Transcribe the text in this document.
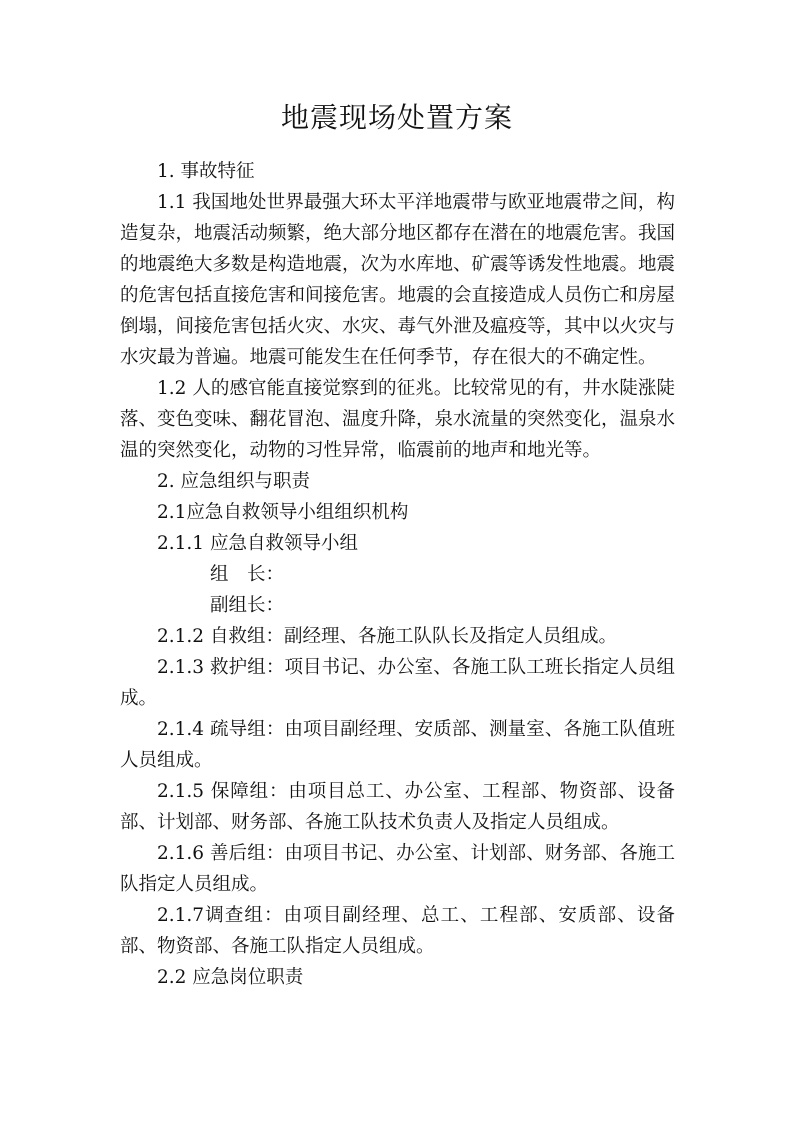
地震现场处置方案

1. 事故特征

1.1 我国地处世界最强大环太平洋地震带与欧亚地震带之间，构造复杂，地震活动频繁，绝大部分地区都存在潜在的地震危害。我国的地震绝大多数是构造地震，次为水库地、矿震等诱发性地震。地震的危害包括直接危害和间接危害。地震的会直接造成人员伤亡和房屋倒塌，间接危害包括火灾、水灾、毒气外泄及瘟疫等，其中以火灾与水灾最为普遍。地震可能发生在任何季节，存在很大的不确定性。

1.2 人的感官能直接觉察到的征兆。比较常见的有，井水陡涨陡落、变色变味、翻花冒泡、温度升降，泉水流量的突然变化，温泉水温的突然变化，动物的习性异常，临震前的地声和地光等。

2. 应急组织与职责

2.1应急自救领导小组组织机构

2.1.1 应急自救领导小组

组　长：

副组长：

2.1.2 自救组：副经理、各施工队队长及指定人员组成。

2.1.3 救护组：项目书记、办公室、各施工队工班长指定人员组成。

2.1.4 疏导组：由项目副经理、安质部、测量室、各施工队值班人员组成。

2.1.5 保障组：由项目总工、办公室、工程部、物资部、设备部、计划部、财务部、各施工队技术负责人及指定人员组成。

2.1.6 善后组：由项目书记、办公室、计划部、财务部、各施工队指定人员组成。

2.1.7调查组：由项目副经理、总工、工程部、安质部、设备部、物资部、各施工队指定人员组成。

2.2 应急岗位职责
